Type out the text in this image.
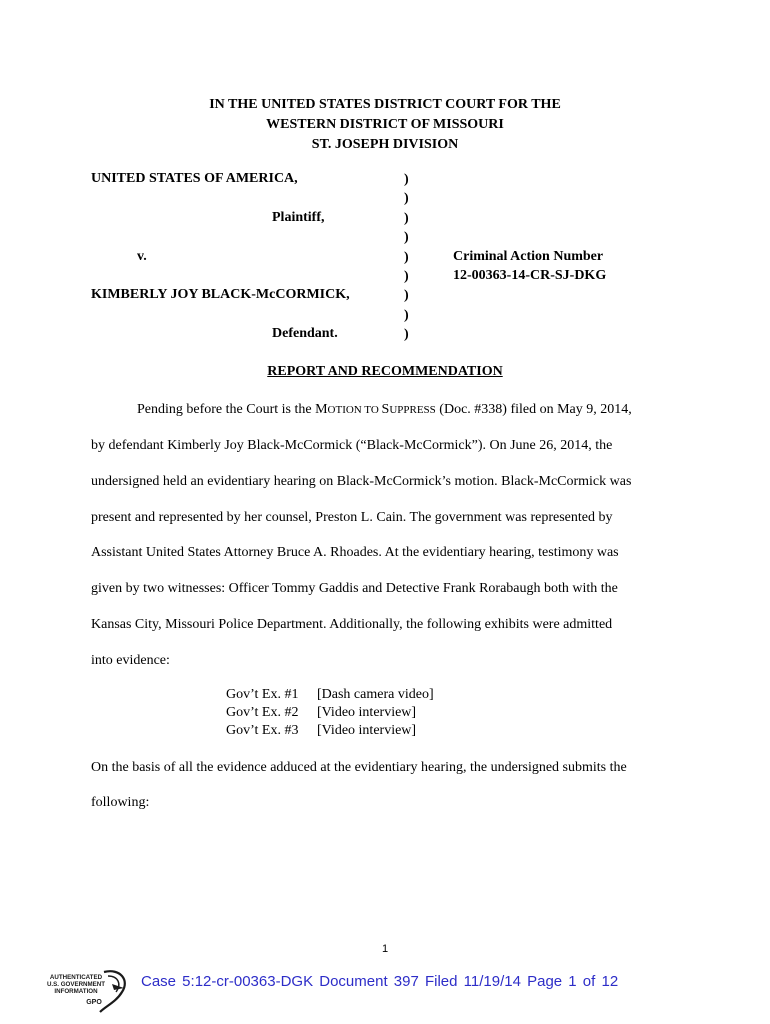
IN THE UNITED STATES DISTRICT COURT FOR THE
WESTERN DISTRICT OF MISSOURI
ST. JOSEPH DIVISION
UNITED STATES OF AMERICA,
Plaintiff,
v.
KIMBERLY JOY BLACK-McCORMICK,
Defendant.
)
)
)
)
)
)
)
)
)
Criminal Action Number
12-00363-14-CR-SJ-DKG
REPORT AND RECOMMENDATION
Pending before the Court is the MOTION TO SUPPRESS (Doc. #338) filed on May 9, 2014,
by defendant Kimberly Joy Black-McCormick (“Black-McCormick”). On June 26, 2014, the
undersigned held an evidentiary hearing on Black-McCormick’s motion. Black-McCormick was
present and represented by her counsel, Preston L. Cain. The government was represented by
Assistant United States Attorney Bruce A. Rhoades. At the evidentiary hearing, testimony was
given by two witnesses: Officer Tommy Gaddis and Detective Frank Rorabaugh both with the
Kansas City, Missouri Police Department. Additionally, the following exhibits were admitted
into evidence:
Gov’t Ex. #1	[Dash camera video]
Gov’t Ex. #2	[Video interview]
Gov’t Ex. #3	[Video interview]
On the basis of all the evidence adduced at the evidentiary hearing, the undersigned submits the
following:
1
AUTHENTICATED
U.S. GOVERNMENT
INFORMATION
GPO
Case 5:12-cr-00363-DGK Document 397 Filed 11/19/14 Page 1 of 12
